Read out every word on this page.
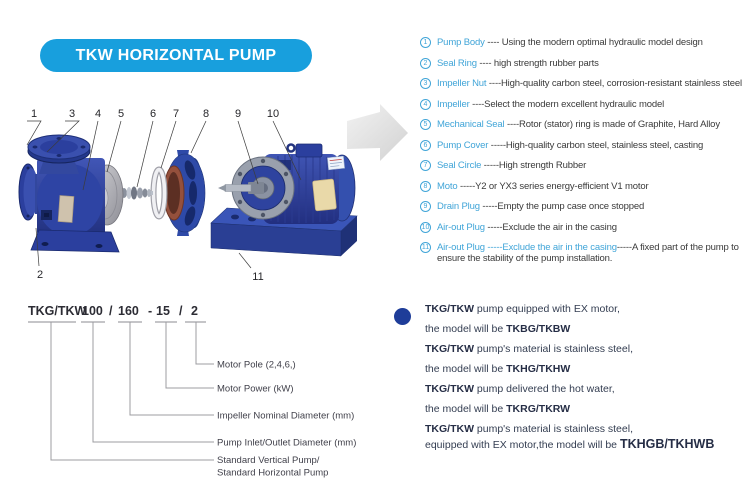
TKW HORIZONTAL PUMP
1	3 4 5 6 7 8 9 10
2	11
1	Pump Body ---- Using the modern optimal hydraulic model design
2	Seal Ring ---- high strength rubber parts
3	Impeller Nut ----High-quality carbon steel, corrosion-resistant stainless steel
4	Impeller ----Select the modern excellent hydraulic model
5	Mechanical Seal ----Rotor (stator) ring is made of Graphite, Hard Alloy
6	Pump Cover -----High-quality carbon steel, stainless steel, casting
7	Seal Circle -----High strength Rubber
8	Moto -----Y2 or YX3 series energy-efficient V1 motor
9	Drain Plug -----Empty the pump case once stopped
10 Air-out Plug -----Exclude the air in the casing
11 Air-out Plug -----Exclude the air in the casing-----A fixed part of the pump to ensure the stability of the pump installation.
TKG/TKW
100 / 160 - 15 / 2
Motor Pole (2,4,6,)
Motor Power (kW)
Impeller Nominal Diameter (mm)
Pump Inlet/Outlet Diameter (mm)
Standard Vertical Pump/
Standard Horizontal Pump
TKG/TKW pump equipped with EX motor,
the model will be TKBG/TKBW
TKG/TKW pump's material is stainless steel,
the model will be TKHG/TKHW
TKG/TKW pump delivered the hot water,
the model will be TKRG/TKRW
TKG/TKW pump's material is stainless steel,
equipped with EX motor,the model will be TKHGB/TKHWB
